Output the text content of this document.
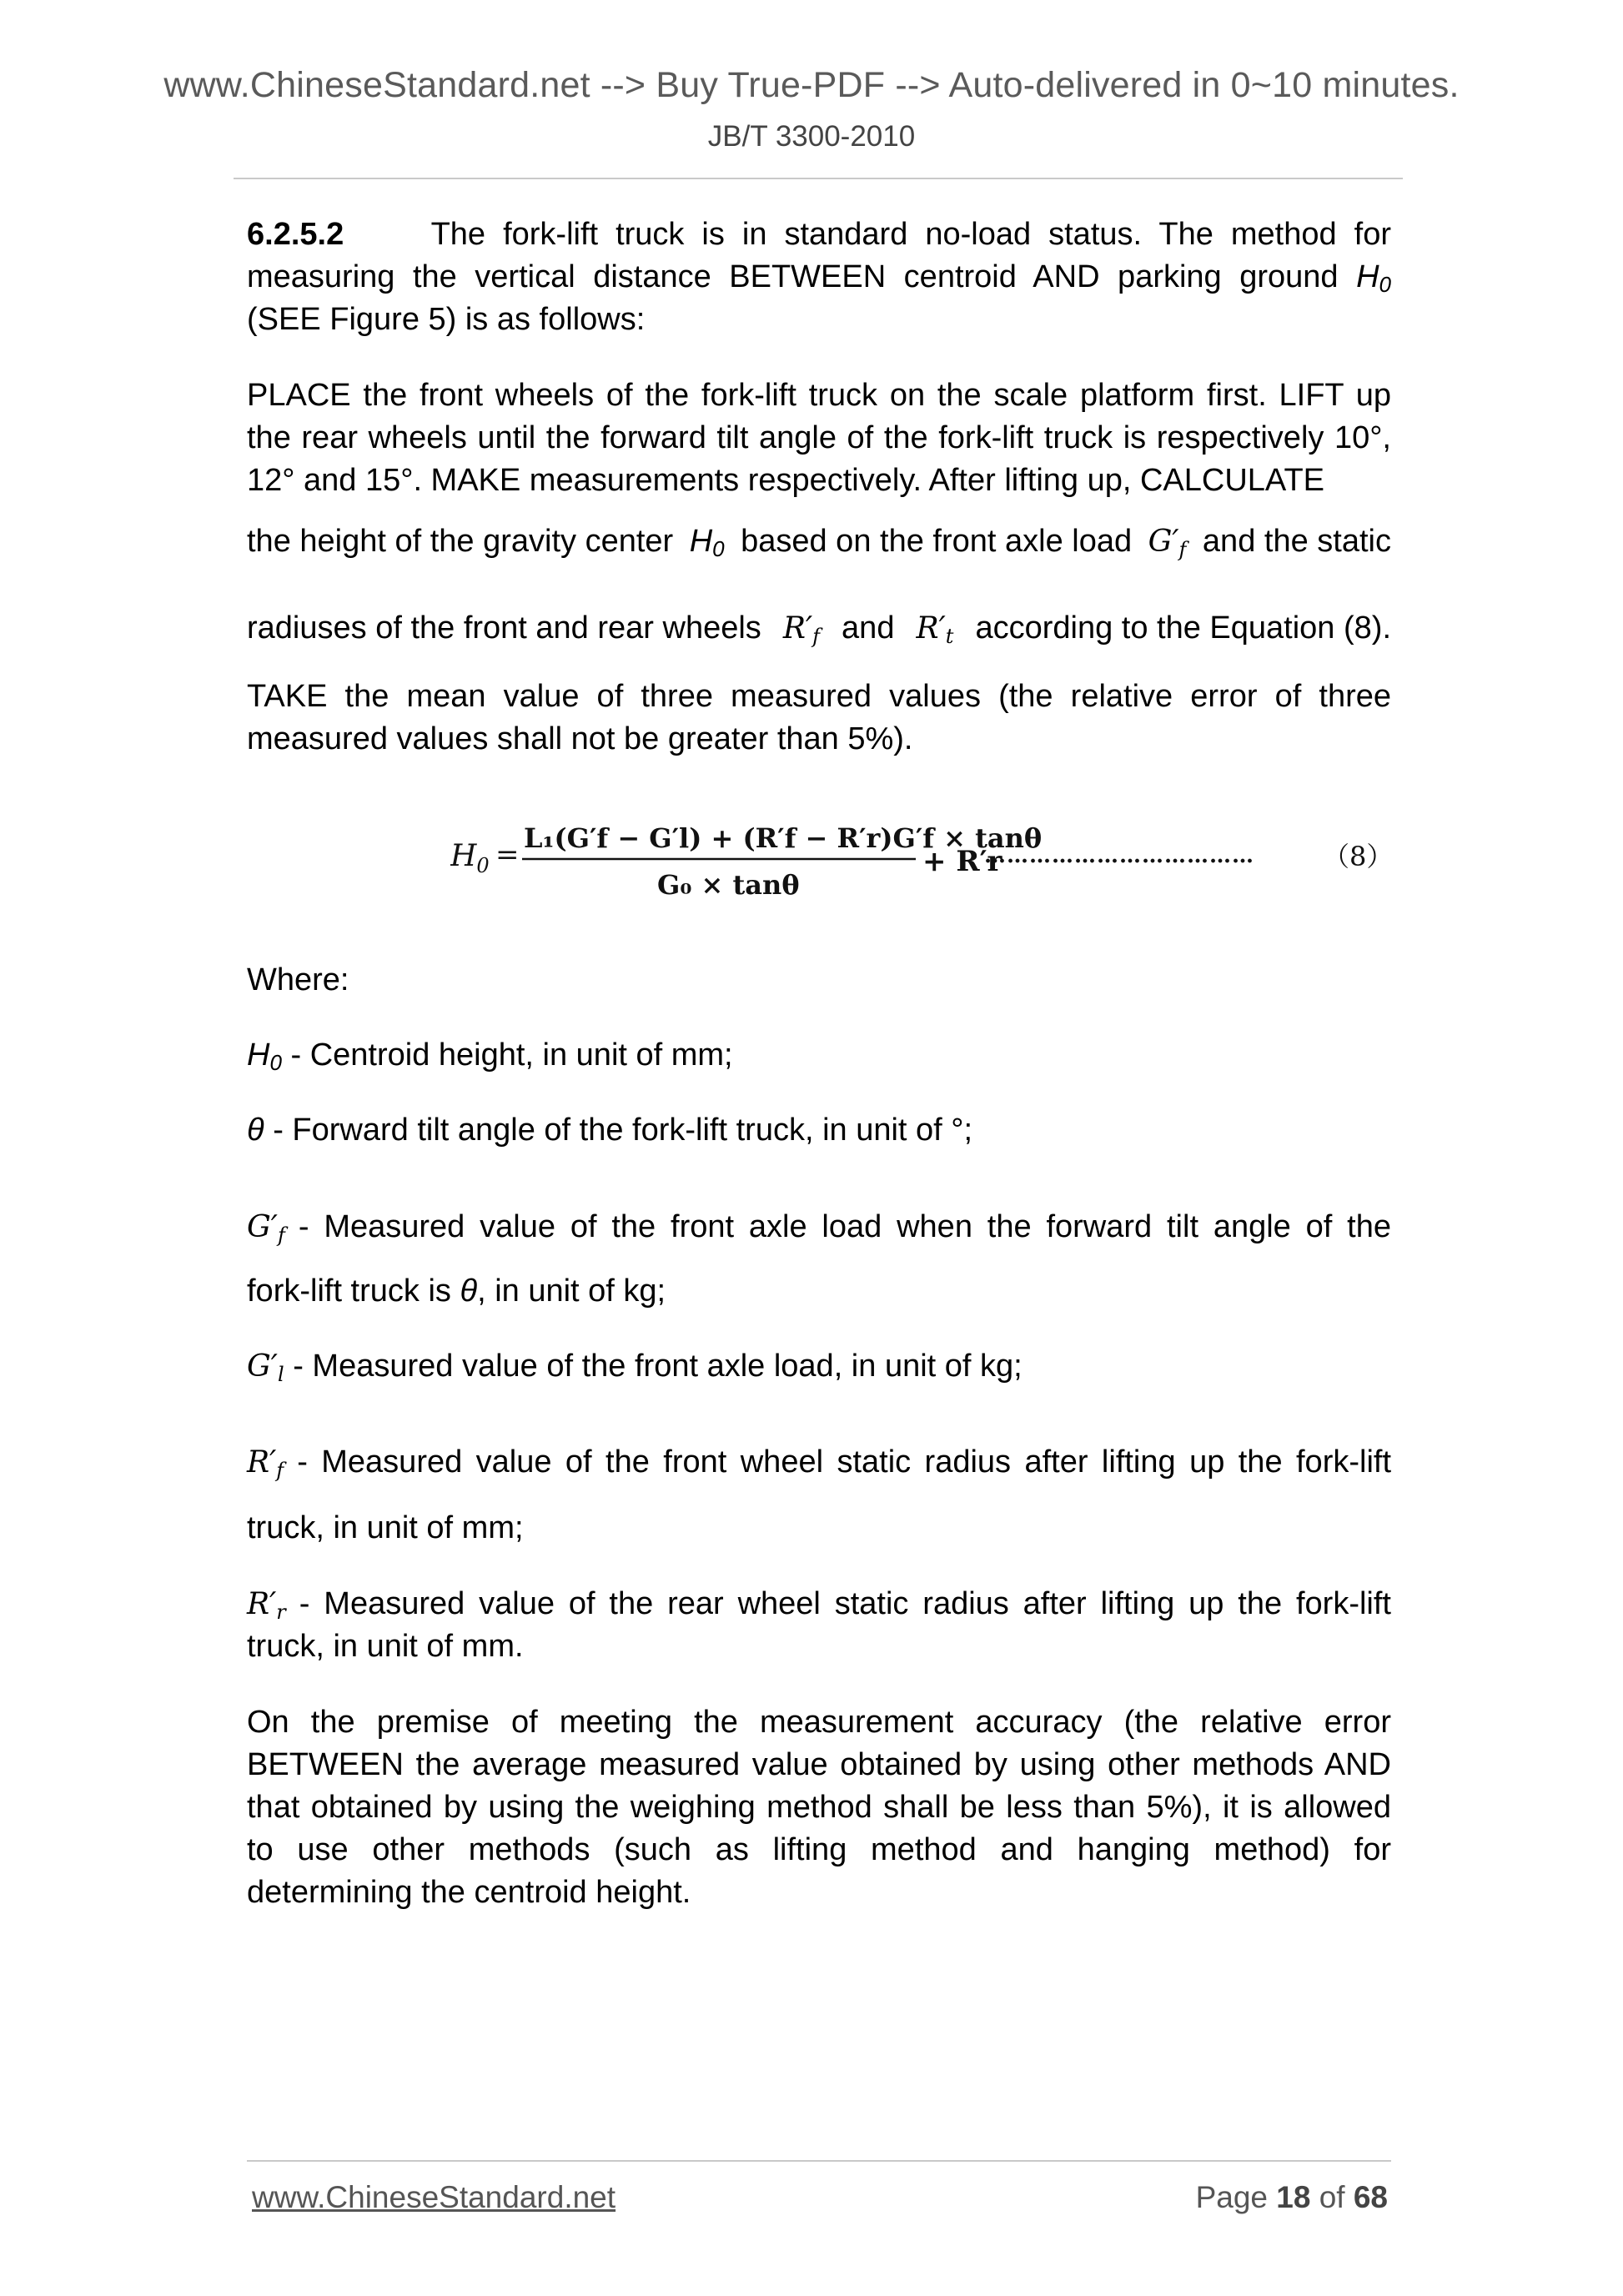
www.ChineseStandard.net --> Buy True-PDF --> Auto-delivered in 0~10 minutes.
JB/T 3300-2010

6.2.5.2	The fork-lift truck is in standard no-load status. The method for measuring the vertical distance BETWEEN centroid AND parking ground $H_0$ (SEE Figure 5) is as follows:

PLACE the front wheels of the fork-lift truck on the scale platform first. LIFT up the rear wheels until the forward tilt angle of the fork-lift truck is respectively 10°, 12° and 15°. MAKE measurements respectively. After lifting up, CALCULATE

the height of the gravity center $H_0$ based on the front axle load $G'_f$ and the static
radiuses of the front and rear wheels $R'_f$ and $R'_t$ according to the Equation (8).

TAKE the mean value of three measured values (the relative error of three measured values shall not be greater than 5%).

Where:

$H_0$ - Centroid height, in unit of mm;

θ - Forward tilt angle of the fork-lift truck, in unit of °;

$G'_f$ - Measured value of the front axle load when the forward tilt angle of the

fork-lift truck is θ, in unit of kg;

$G'_l$ - Measured value of the front axle load, in unit of kg;

$R'_f$ - Measured value of the front wheel static radius after lifting up the fork-lift

truck, in unit of mm;

$R'_r$ - Measured value of the rear wheel static radius after lifting up the fork-lift

truck, in unit of mm.

On the premise of meeting the measurement accuracy (the relative error BETWEEN the average measured value obtained by using other methods AND that obtained by using the weighing method shall be less than 5%), it is allowed to use other methods (such as lifting method and hanging method) for determining the centroid height.

$H_0 = L_1(G'f - G'l) + (R'f - R'r)G'f \times \tan\theta$
G₀ × tanθ
+ R′r
………………………………	（8）
www.ChineseStandard.net	Page 18 of 68
